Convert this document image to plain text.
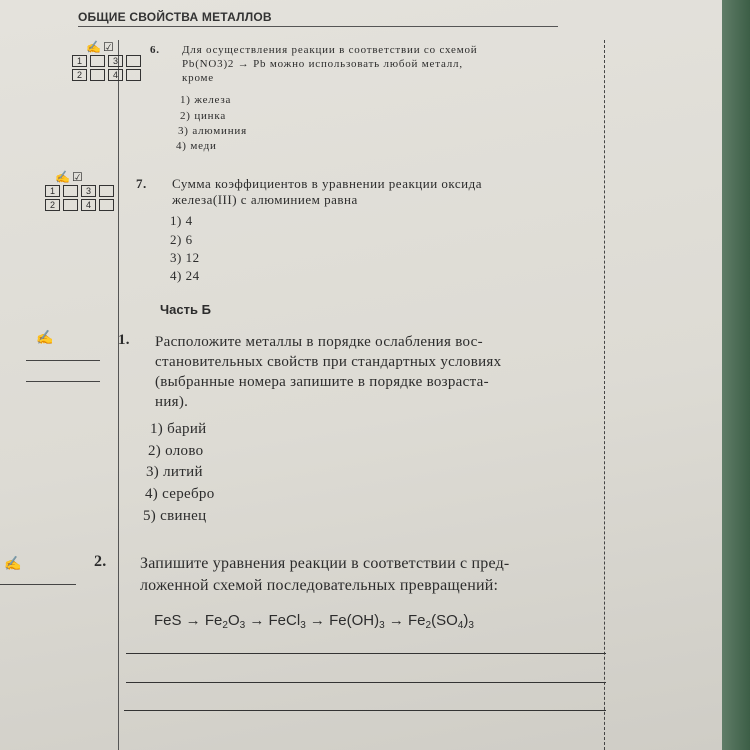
ОБЩИЕ СВОЙСТВА МЕТАЛЛОВ
✍☑
1	3
2	4
6. Для осуществления реакции в соответствии со схемой
Pb(NO3)2 → Pb можно использовать любой металл,
кроме
1) железа
2) цинка
3) алюминия
4) меди
✍☑
1	3
2	4
7. Сумма коэффициентов в уравнении реакции оксида
железа(III) с алюминием равна
1) 4
2) 6
3) 12
4) 24
Часть Б
✍	1. Расположите металлы в порядке ослабления вос-
становительных свойств при стандартных условиях
(выбранные номера запишите в порядке возраста-
ния).
1) барий
2) олово
3) литий
4) серебро
5) свинец
✍	2. Запишите уравнения реакции в соответствии с пред-
ложенной схемой последовательных превращений:
FeS → $Fe_2O_3$ → FeCl$_3$ → $Fe(OH)_3 \to Fe_2(SO_4)_3$
